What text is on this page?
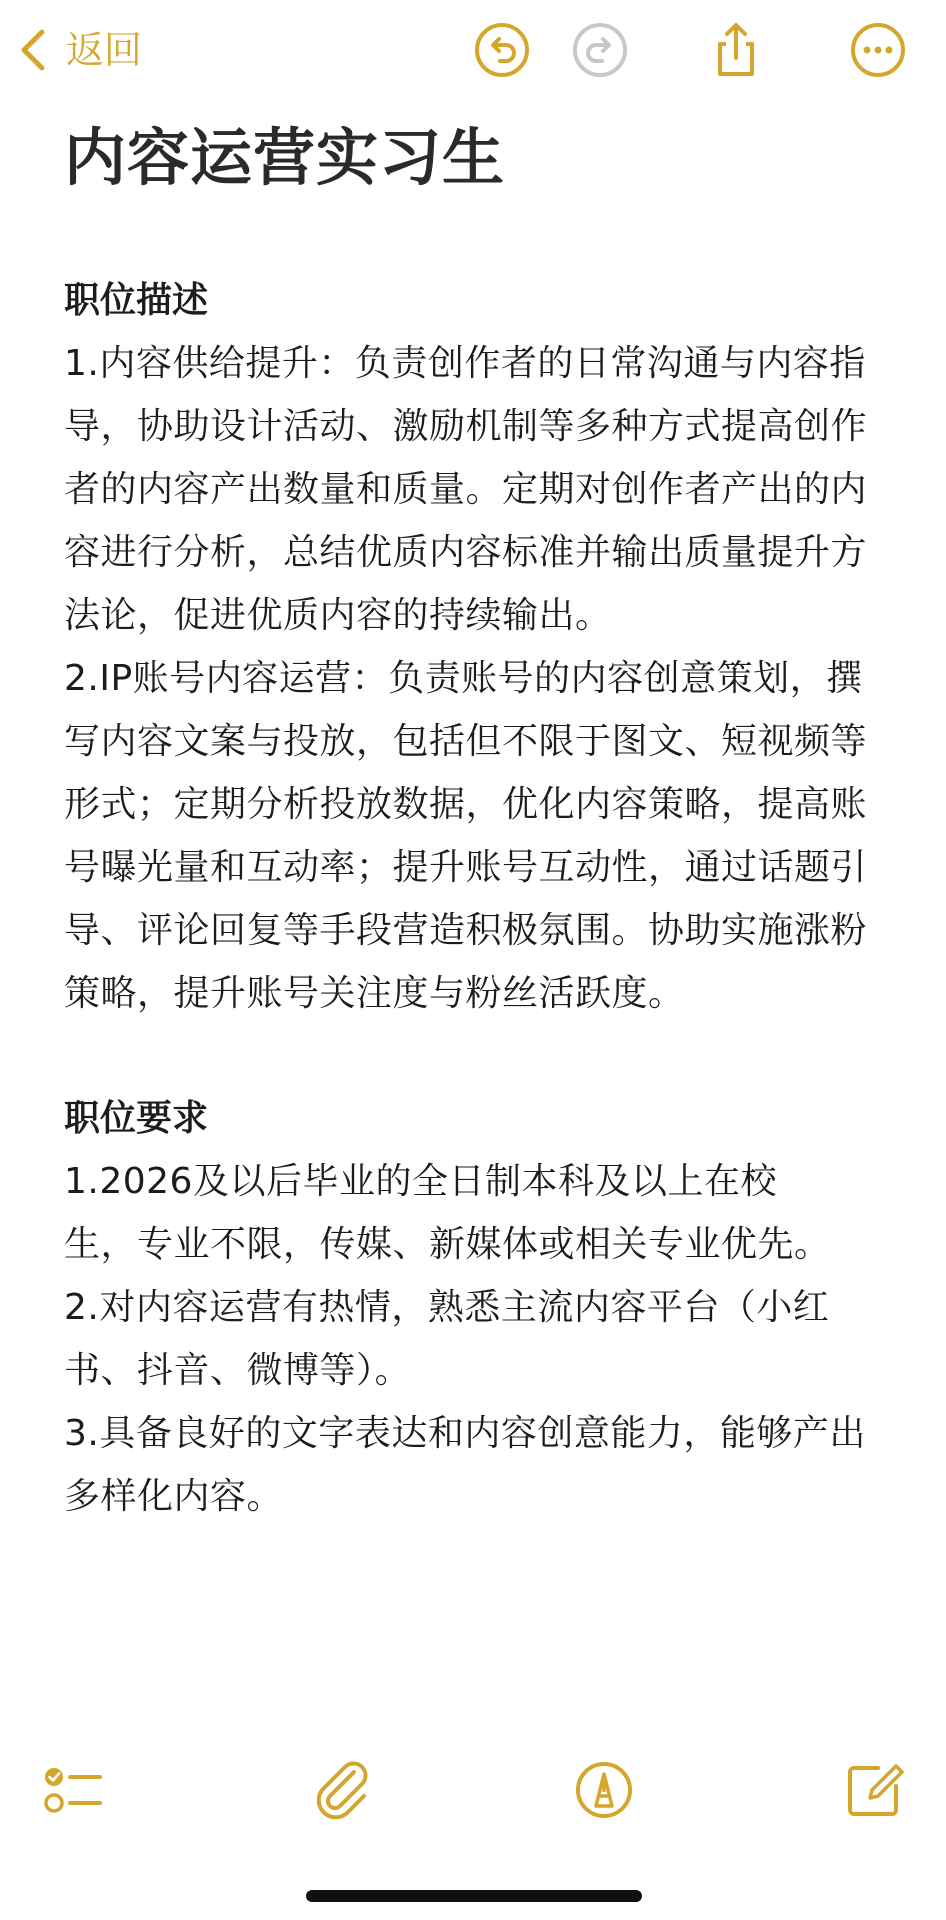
返回
内容运营实习生
职位描述
1.内容供给提升：负责创作者的日常沟通与内容指导，协助设计活动、激励机制等多种方式提高创作者的内容产出数量和质量。定期对创作者产出的内容进行分析，总结优质内容标准并输出质量提升方法论，促进优质内容的持续输出。
2.IP账号内容运营：负责账号的内容创意策划，撰写内容文案与投放，包括但不限于图文、短视频等形式；定期分析投放数据，优化内容策略，提高账号曝光量和互动率；提升账号互动性，通过话题引导、评论回复等手段营造积极氛围。协助实施涨粉策略，提升账号关注度与粉丝活跃度。
职位要求
1.2026及以后毕业的全日制本科及以上在校生，专业不限，传媒、新媒体或相关专业优先。
2.对内容运营有热情，熟悉主流内容平台（小红书、抖音、微博等）。
3.具备良好的文字表达和内容创意能力，能够产出多样化内容。
